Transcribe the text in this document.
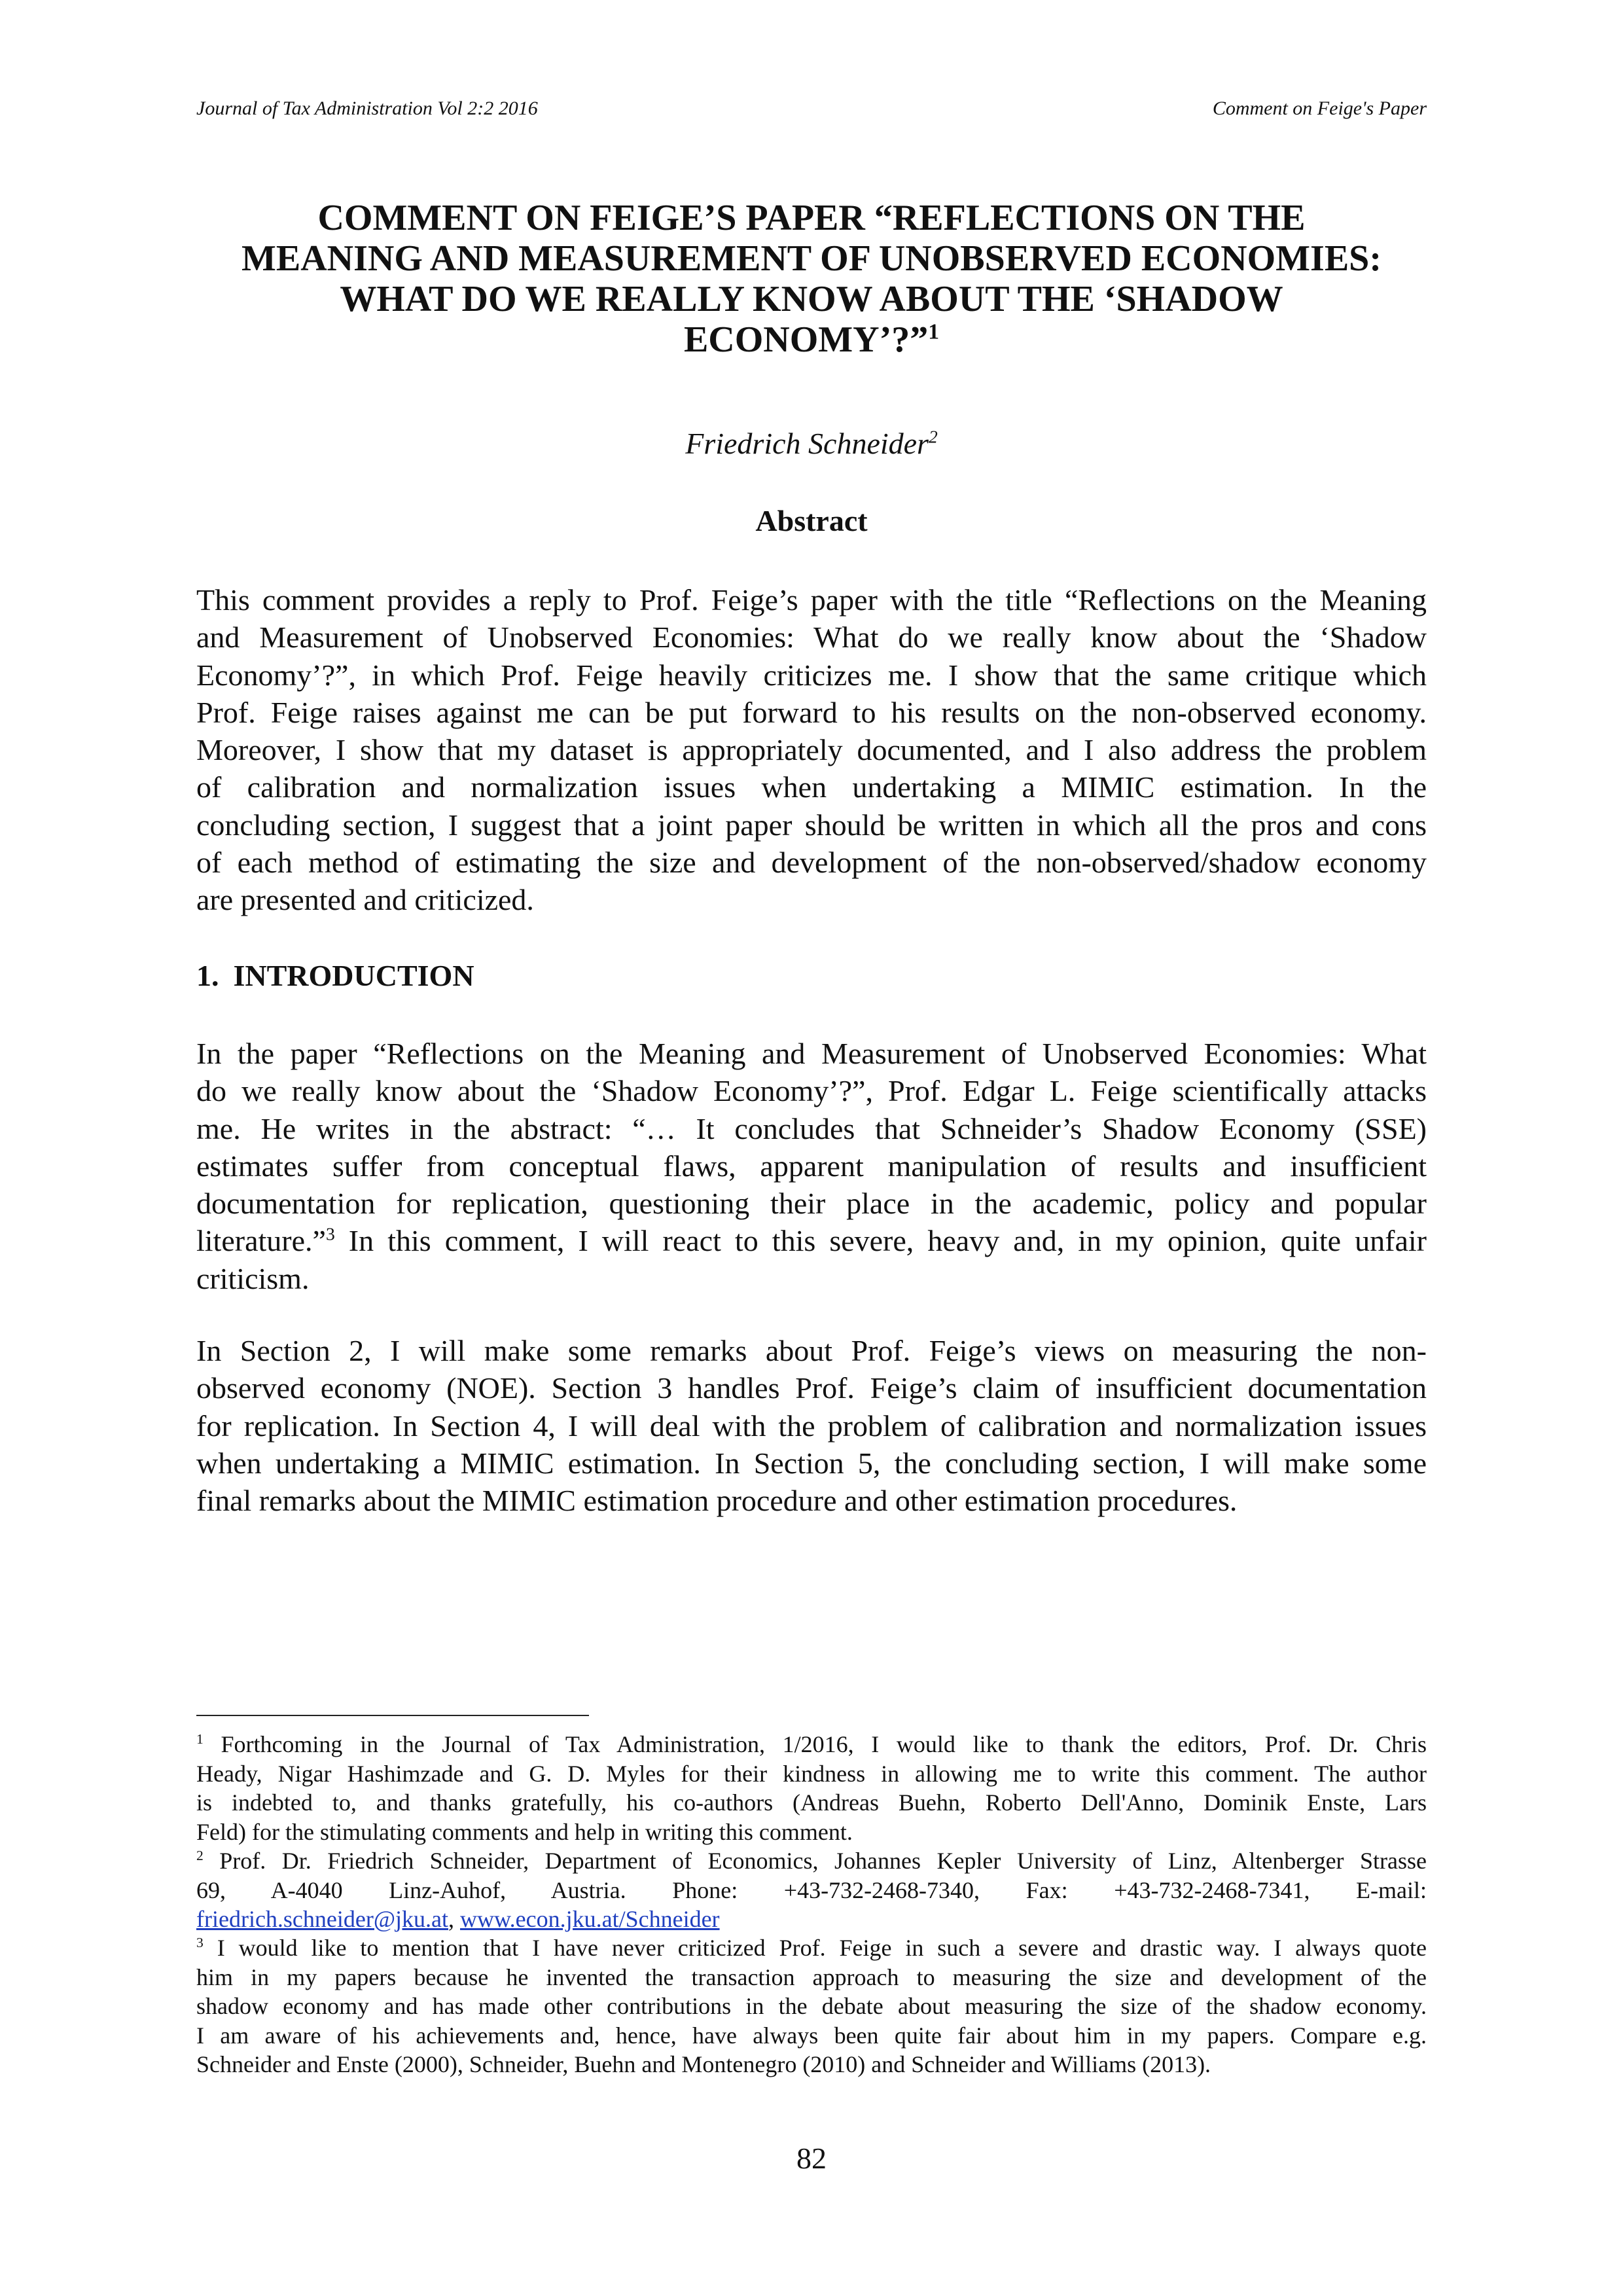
Journal of Tax Administration Vol 2:2 2016	Comment on Feige's Paper
COMMENT ON FEIGE’S PAPER “REFLECTIONS ON THE
MEANING AND MEASUREMENT OF UNOBSERVED ECONOMIES:
WHAT DO WE REALLY KNOW ABOUT THE ‘SHADOW
ECONOMY’?”$^1$
Friedrich Schneider$^2$
Abstract

This comment provides a reply to Prof. Feige’s paper with the title “Reflections on the Meaning
and Measurement of Unobserved Economies: What do we really know about the ‘Shadow
Economy’?”, in which Prof. Feige heavily criticizes me. I show that the same critique which
Prof. Feige raises against me can be put forward to his results on the non-observed economy.
Moreover, I show that my dataset is appropriately documented, and I also address the problem
of calibration and normalization issues when undertaking a MIMIC estimation. In the
concluding section, I suggest that a joint paper should be written in which all the pros and cons
of each method of estimating the size and development of the non-observed/shadow economy
are presented and criticized.

1. INTRODUCTION

In the paper “Reflections on the Meaning and Measurement of Unobserved Economies: What
do we really know about the ‘Shadow Economy’?”, Prof. Edgar L. Feige scientifically attacks
me. He writes in the abstract: “… It concludes that Schneider’s Shadow Economy (SSE)
estimates suffer from conceptual flaws, apparent manipulation of results and insufficient
documentation for replication, questioning their place in the academic, policy and popular
literature.”$^3$ In this comment, I will react to this severe, heavy and, in my opinion, quite unfair
criticism.

In Section 2, I will make some remarks about Prof. Feige’s views on measuring the non-
observed economy (NOE). Section 3 handles Prof. Feige’s claim of insufficient documentation
for replication. In Section 4, I will deal with the problem of calibration and normalization issues
when undertaking a MIMIC estimation. In Section 5, the concluding section, I will make some
final remarks about the MIMIC estimation procedure and other estimation procedures.

$^1$ Forthcoming in the Journal of Tax Administration, 1/2016, I would like to thank the editors, Prof. Dr. Chris
Heady, Nigar Hashimzade and G. D. Myles for their kindness in allowing me to write this comment. The author
is indebted to, and thanks gratefully, his co-authors (Andreas Buehn, Roberto Dell'Anno, Dominik Enste, Lars
Feld) for the stimulating comments and help in writing this comment.

$^2$ Prof. Dr. Friedrich Schneider, Department of Economics, Johannes Kepler University of Linz, Altenberger Strasse
69, A-4040 Linz-Auhof, Austria. Phone: +43-732-2468-7340, Fax: +43-732-2468-7341, E-mail:
friedrich.schneider@jku.at, www.econ.jku.at/Schneider

$^3$ I would like to mention that I have never criticized Prof. Feige in such a severe and drastic way. I always quote
him in my papers because he invented the transaction approach to measuring the size and development of the
shadow economy and has made other contributions in the debate about measuring the size of the shadow economy.
I am aware of his achievements and, hence, have always been quite fair about him in my papers. Compare e.g.
Schneider and Enste (2000), Schneider, Buehn and Montenegro (2010) and Schneider and Williams (2013).

82
